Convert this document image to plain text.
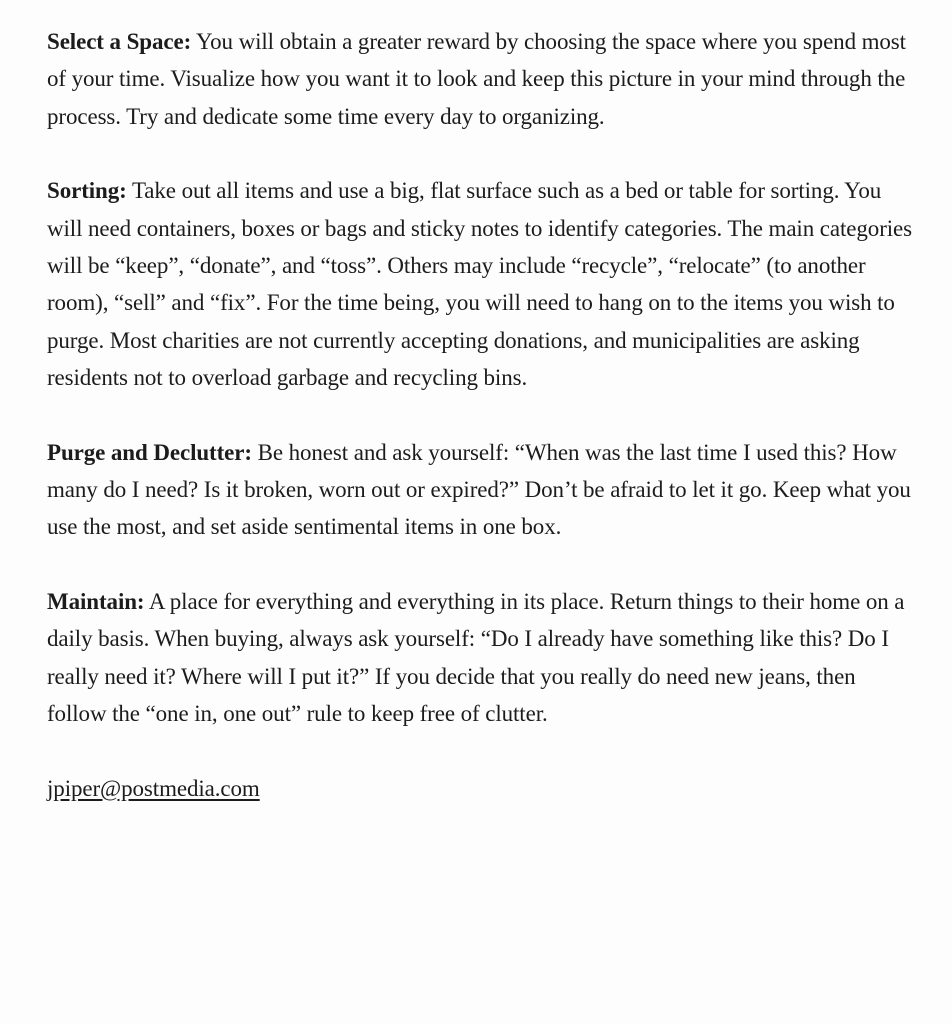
Select a Space: You will obtain a greater reward by choosing the space where you spend most of your time. Visualize how you want it to look and keep this picture in your mind through the process. Try and dedicate some time every day to organizing.

Sorting: Take out all items and use a big, flat surface such as a bed or table for sorting. You will need containers, boxes or bags and sticky notes to identify categories. The main categories will be “keep”, “donate”, and “toss”. Others may include “recycle”, “relocate” (to another room), “sell” and “fix”. For the time being, you will need to hang on to the items you wish to purge. Most charities are not currently accepting donations, and municipalities are asking residents not to overload garbage and recycling bins.

Purge and Declutter: Be honest and ask yourself: “When was the last time I used this? How many do I need? Is it broken, worn out or expired?” Don’t be afraid to let it go. Keep what you use the most, and set aside sentimental items in one box.

Maintain: A place for everything and everything in its place. Return things to their home on a daily basis. When buying, always ask yourself: “Do I already have something like this? Do I really need it? Where will I put it?” If you decide that you really do need new jeans, then follow the “one in, one out” rule to keep free of clutter.

jpiper@postmedia.com
